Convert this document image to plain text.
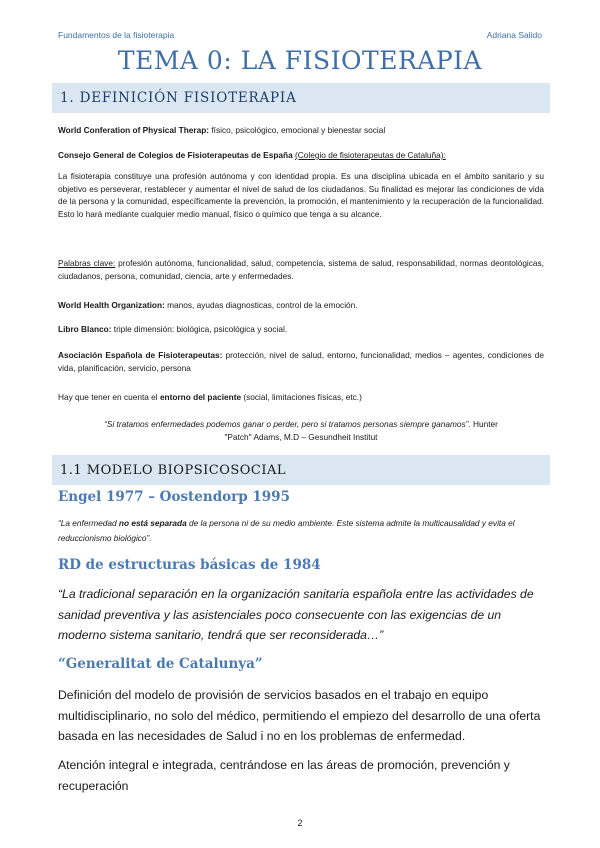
Fundamentos de la fisioterapia	Adriana Salido
TEMA 0: LA FISIOTERAPIA
1. DEFINICIÓN FISIOTERAPIA

World Conferation of Physical Therap: físico, psicológico, emocional y bienestar social

Consejo General de Colegios de Fisioterapeutas de España (Colegio de fisioterapeutas de Cataluña):

La fisioterapia constituye una profesión autónoma y con identidad propia. Es una disciplina ubicada en el ámbito sanitario y su objetivo es perseverar, restablecer y aumentar el nivel de salud de los ciudadanos. Su finalidad es mejorar las condiciones de vida de la persona y la comunidad, específicamente la prevención, la promoción, el mantenimiento y la recuperación de la funcionalidad. Esto lo hará mediante cualquier medio manual, físico o químico que tenga a su alcance.

Palabras clave: profesión autónoma, funcionalidad, salud, competencia, sistema de salud, responsabilidad, normas deontológicas, ciudadanos, persona, comunidad, ciencia, arte y enfermedades.

World Health Organization: manos, ayudas diagnosticas, control de la emoción.

Libro Blanco: triple dimensión: biológica, psicológica y social.

Asociación Española de Fisioterapeutas: protección, nivel de salud, entorno, funcionalidad, medios – agentes, condiciones de vida, planificación, servicio, persona

Hay que tener en cuenta el entorno del paciente (social, limitaciones físicas, etc.)

“Si tratamos enfermedades podemos ganar o perder, pero si tratamos personas siempre ganamos”. Hunter
"Patch" Adams, M.D – Gesundheit Institut
1.1 MODELO BIOPSICOSOCIAL
Engel 1977 – Oostendorp 1995

“La enfermedad no está separada de la persona ni de su medio ambiente. Este sistema admite la multicausalidad y evita el reduccionismo biológico”.

RD de estructuras básicas de 1984

“La tradicional separación en la organización sanitaria española entre las actividades de sanidad preventiva y las asistenciales poco consecuente con las exigencias de un moderno sistema sanitario, tendrá que ser reconsiderada…”

“Generalitat de Catalunya”

Definición del modelo de provisión de servicios basados en el trabajo en equipo multidisciplinario, no solo del médico, permitiendo el empiezo del desarrollo de una oferta basada en las necesidades de Salud i no en los problemas de enfermedad.

Atención integral e integrada, centrándose en las áreas de promoción, prevención y recuperación

2
